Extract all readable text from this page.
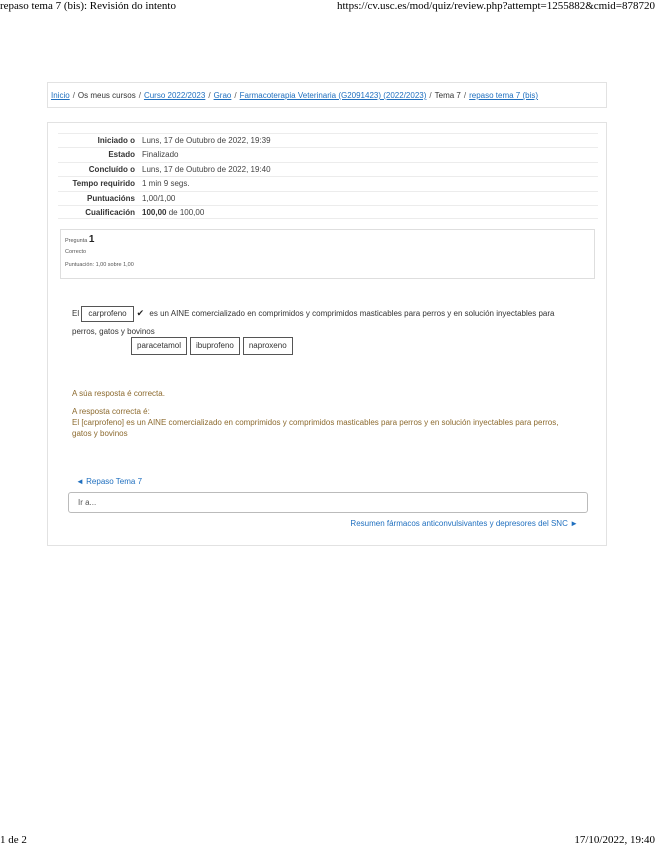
repaso tema 7 (bis): Revisión do intento	https://cv.usc.es/mod/quiz/review.php?attempt=1255882&cmid=878720
Inicio / Os meus cursos / Curso 2022/2023 / Grao / Farmacoterapia Veterinaria (G2091423) (2022/2023) / Tema 7 / repaso tema 7 (bis)
Iniciado o Luns, 17 de Outubro de 2022, 19:39
Estado Finalizado
Concluído o Luns, 17 de Outubro de 2022, 19:40
Tempo requirido 1 min 9 segs.
Puntuacións 1,00/1,00
Cualificación 100,00 de 100,00
Pregunta 1
Correcto
Puntuación: 1,00 sobre 1,00
El carprofeno ✔ es un AINE comercializado en comprimidos y comprimidos masticables para perros y en solución inyectables para perros, gatos y bovinos
paracetamol	ibuprofeno	naproxeno
A súa resposta é correcta.
A resposta correcta é:
El [carprofeno] es un AINE comercializado en comprimidos y comprimidos masticables para perros y en solución inyectables para perros, gatos y bovinos
◄ Repaso Tema 7
Ir a...
Resumen fármacos anticonvulsivantes y depresores del SNC ►
1 de 2	17/10/2022, 19:40
